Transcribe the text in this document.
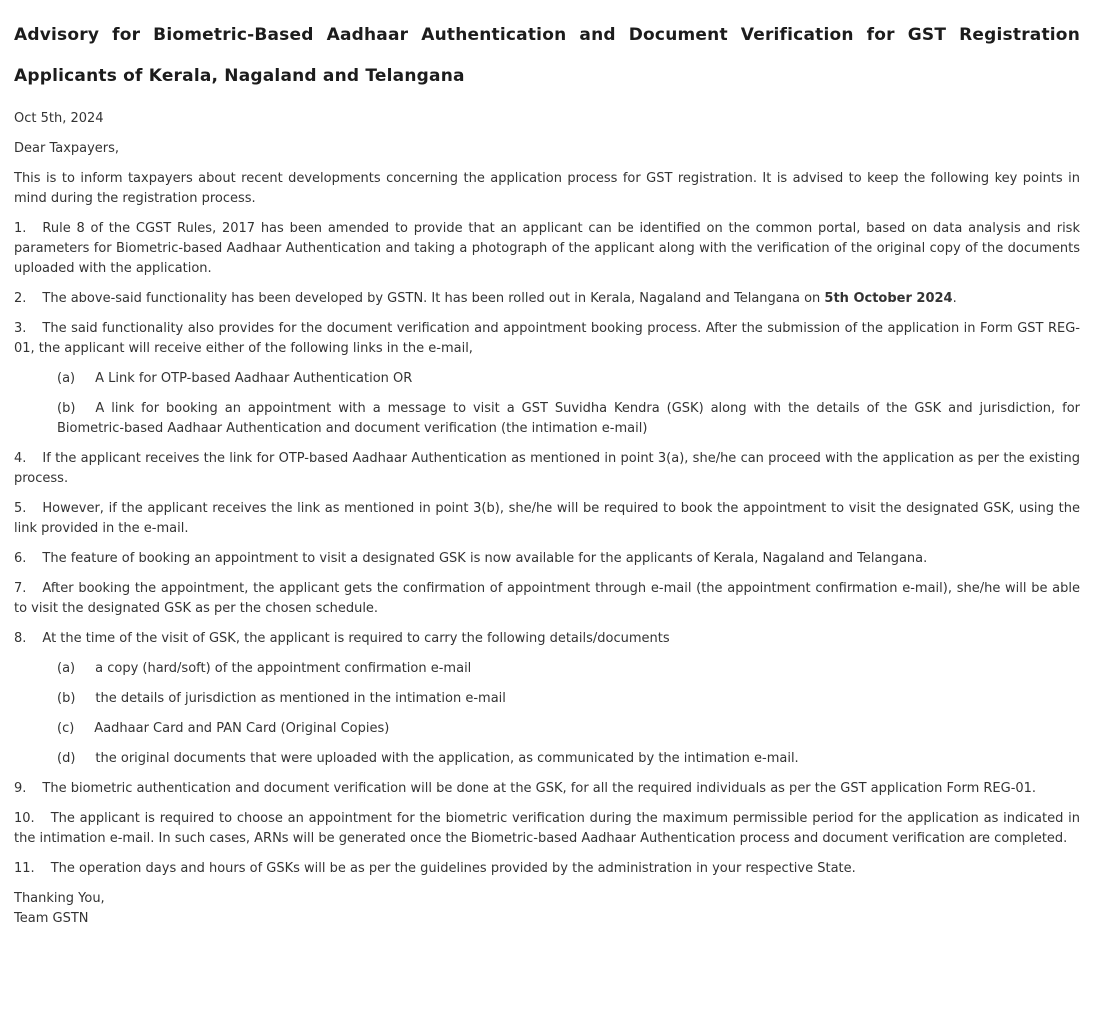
Advisory for Biometric-Based Aadhaar Authentication and Document Verification for GST Registration Applicants of Kerala, Nagaland and Telangana

Oct 5th, 2024

Dear Taxpayers,

This is to inform taxpayers about recent developments concerning the application process for GST registration. It is advised to keep the following key points in mind during the registration process.

1. Rule 8 of the CGST Rules, 2017 has been amended to provide that an applicant can be identified on the common portal, based on data analysis and risk parameters for Biometric-based Aadhaar Authentication and taking a photograph of the applicant along with the verification of the original copy of the documents uploaded with the application.

2. The above-said functionality has been developed by GSTN. It has been rolled out in Kerala, Nagaland and Telangana on 5th October 2024.

3. The said functionality also provides for the document verification and appointment booking process. After the submission of the application in Form GST REG-01, the applicant will receive either of the following links in the e-mail,

(a) A Link for OTP-based Aadhaar Authentication OR

(b) A link for booking an appointment with a message to visit a GST Suvidha Kendra (GSK) along with the details of the GSK and jurisdiction, for Biometric-based Aadhaar Authentication and document verification (the intimation e-mail)

4. If the applicant receives the link for OTP-based Aadhaar Authentication as mentioned in point 3(a), she/he can proceed with the application as per the existing process.

5. However, if the applicant receives the link as mentioned in point 3(b), she/he will be required to book the appointment to visit the designated GSK, using the link provided in the e-mail.

6. The feature of booking an appointment to visit a designated GSK is now available for the applicants of Kerala, Nagaland and Telangana.

7. After booking the appointment, the applicant gets the confirmation of appointment through e-mail (the appointment confirmation e-mail), she/he will be able to visit the designated GSK as per the chosen schedule.

8. At the time of the visit of GSK, the applicant is required to carry the following details/documents

(a) a copy (hard/soft) of the appointment confirmation e-mail

(b) the details of jurisdiction as mentioned in the intimation e-mail

(c) Aadhaar Card and PAN Card (Original Copies)

(d) the original documents that were uploaded with the application, as communicated by the intimation e-mail.

9. The biometric authentication and document verification will be done at the GSK, for all the required individuals as per the GST application Form REG-01.

10. The applicant is required to choose an appointment for the biometric verification during the maximum permissible period for the application as indicated in the intimation e-mail. In such cases, ARNs will be generated once the Biometric-based Aadhaar Authentication process and document verification are completed.

11. The operation days and hours of GSKs will be as per the guidelines provided by the administration in your respective State.

Thanking You,
Team GSTN
